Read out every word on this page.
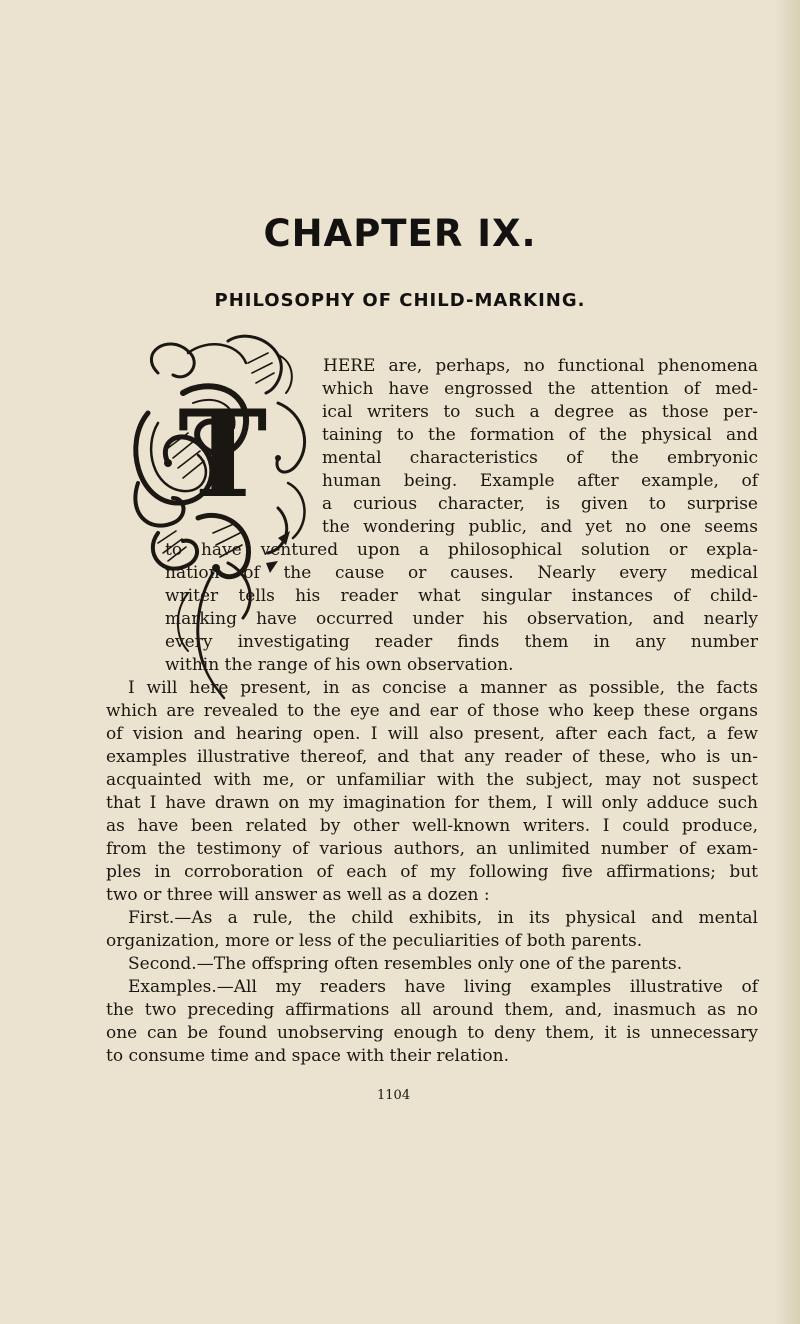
CHAPTER IX.
PHILOSOPHY OF CHILD-MARKING.
T
HERE are, perhaps, no functional phenomena
which have engrossed the attention of med-
ical writers to such a degree as those per-
taining to the formation of the physical and
mental characteristics of the embryonic
human being. Example after example, of
a curious character, is given to surprise
the wondering public, and yet no one seems
to have ventured upon a philosophical solution or expla-
nation of the cause or causes. Nearly every medical
writer tells his reader what singular instances of child-
marking have occurred under his observation, and nearly
every investigating reader finds them in any number
within the range of his own observation.
I will here present, in as concise a manner as possible, the facts
which are revealed to the eye and ear of those who keep these organs
of vision and hearing open. I will also present, after each fact, a few
examples illustrative thereof, and that any reader of these, who is un-
acquainted with me, or unfamiliar with the subject, may not suspect
that I have drawn on my imagination for them, I will only adduce such
as have been related by other well-known writers. I could produce,
from the testimony of various authors, an unlimited number of exam-
ples in corroboration of each of my following five affirmations; but
two or three will answer as well as a dozen :
First.—As a rule, the child exhibits, in its physical and mental
organization, more or less of the peculiarities of both parents.
Second.—The offspring often resembles only one of the parents.
Examples.—All my readers have living examples illustrative of
the two preceding affirmations all around them, and, inasmuch as no
one can be found unobserving enough to deny them, it is unnecessary
to consume time and space with their relation.
1104
